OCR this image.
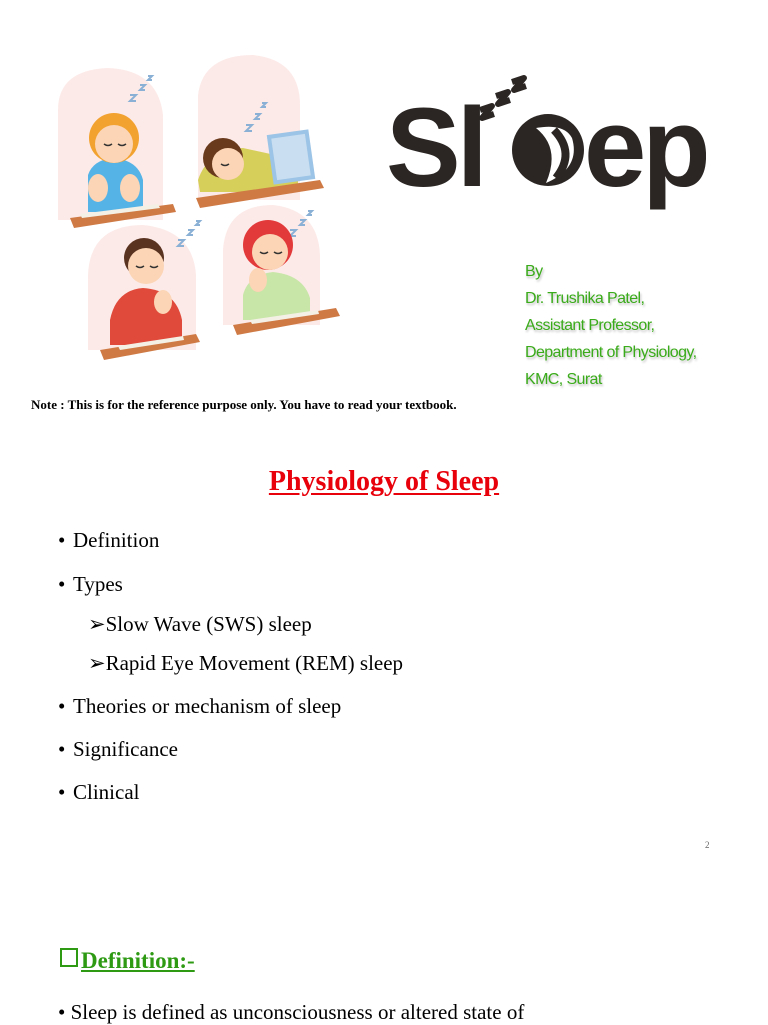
Sl ep
By
Dr. Trushika Patel,
Assistant Professor,
Department of Physiology,
KMC, Surat
Note : This is for the reference purpose only. You have to read your textbook.
Physiology of Sleep
• Definition
• Types
➢Slow Wave (SWS) sleep
➢Rapid Eye Movement (REM) sleep
• Theories or mechanism of sleep
• Significance
• Clinical
2
Definition:-
• Sleep is defined as unconsciousness or altered state of
